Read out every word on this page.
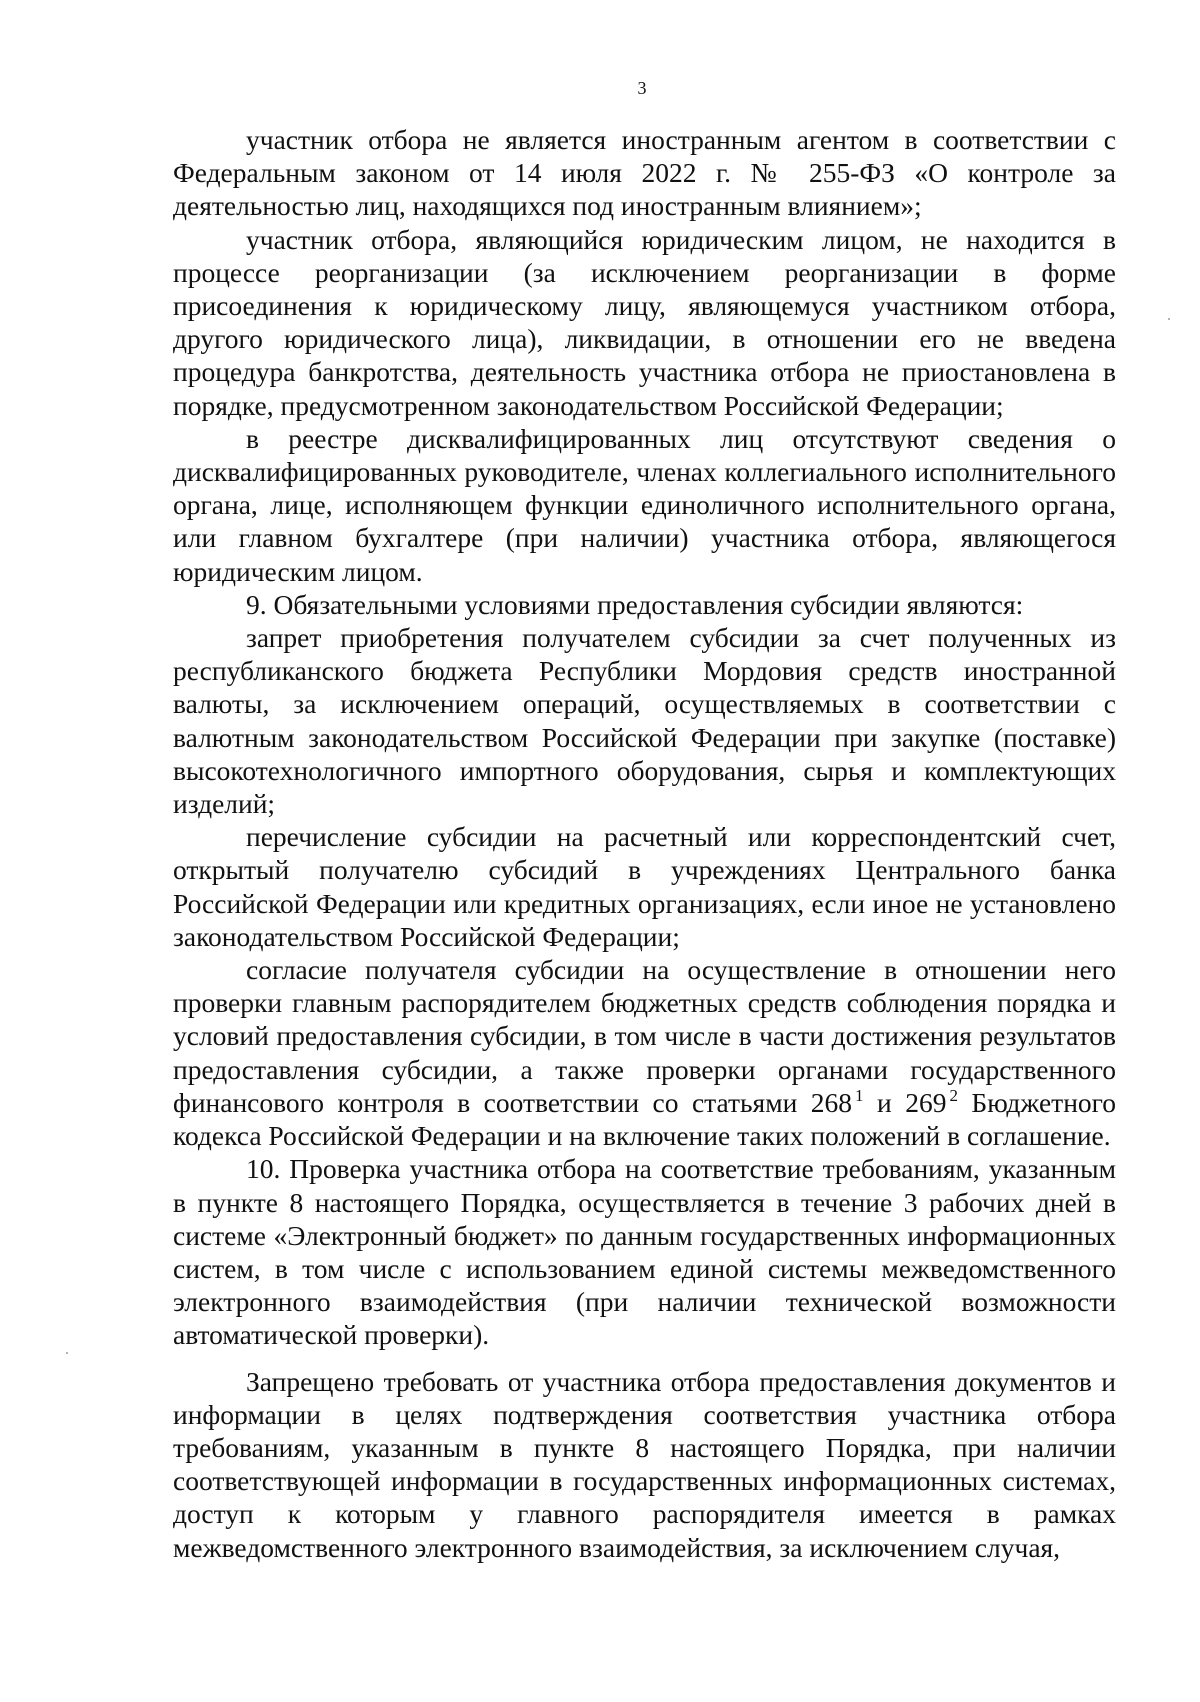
3

участник отбора не является иностранным агентом в соответствии с Федеральным законом от 14 июля 2022 г. № 255-ФЗ «О контроле за деятельностью лиц, находящихся под иностранным влиянием»;

участник отбора, являющийся юридическим лицом, не находится в процессе реорганизации (за исключением реорганизации в форме присоединения к юридическому лицу, являющемуся участником отбора, другого юридического лица), ликвидации, в отношении его не введена процедура банкротства, деятельность участника отбора не приостановлена в порядке, предусмотренном законодательством Российской Федерации;

в реестре дисквалифицированных лиц отсутствуют сведения о дисквалифицированных руководителе, членах коллегиального исполнительного органа, лице, исполняющем функции единоличного исполнительного органа, или главном бухгалтере (при наличии) участника отбора, являющегося юридическим лицом.

9. Обязательными условиями предоставления субсидии являются:

запрет приобретения получателем субсидии за счет полученных из республиканского бюджета Республики Мордовия средств иностранной валюты, за исключением операций, осуществляемых в соответствии с валютным законодательством Российской Федерации при закупке (поставке) высокотехнологичного импортного оборудования, сырья и комплектующих изделий;

перечисление субсидии на расчетный или корреспондентский счет, открытый получателю субсидий в учреждениях Центрального банка Российской Федерации или кредитных организациях, если иное не установлено законодательством Российской Федерации;

согласие получателя субсидии на осуществление в отношении него проверки главным распорядителем бюджетных средств соблюдения порядка и условий предоставления субсидии, в том числе в части достижения результатов предоставления субсидии, а также проверки органами государственного финансового контроля в соответствии со статьями 268 $^1$ и 269 $^2$ Бюджетного кодекса Российской Федерации и на включение таких положений в соглашение.

10. Проверка участника отбора на соответствие требованиям, указанным в пункте 8 настоящего Порядка, осуществляется в течение 3 рабочих дней в системе «Электронный бюджет» по данным государственных информационных систем, в том числе с использованием единой системы межведомственного электронного взаимодействия (при наличии технической возможности автоматической проверки).

Запрещено требовать от участника отбора предоставления документов и информации в целях подтверждения соответствия участника отбора требованиям, указанным в пункте 8 настоящего Порядка, при наличии соответствующей информации в государственных информационных системах, доступ к которым у главного распорядителя имеется в рамках межведомственного электронного взаимодействия, за исключением случая,
